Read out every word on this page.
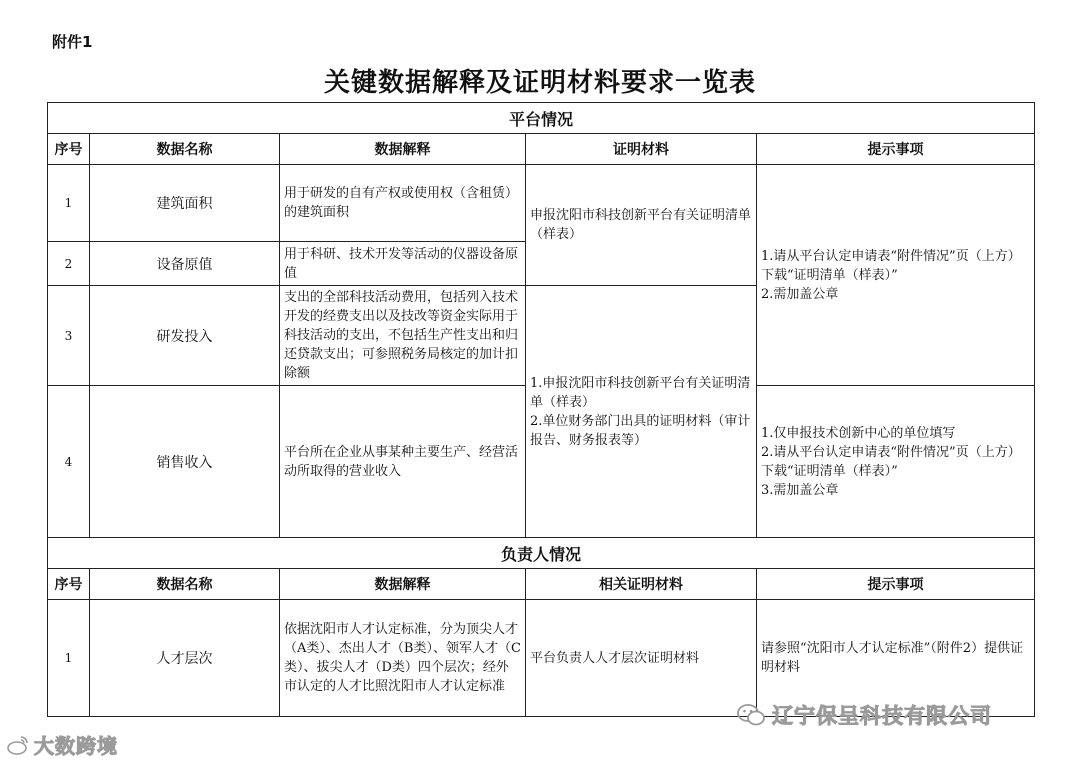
附件1
关键数据解释及证明材料要求一览表
平台情况				
序号	数据名称	数据解释	证明材料	提示事项
1	建筑面积	用于研发的自有产权或使用权（含租赁）的建筑面积	申报沈阳市科技创新平台有关证明清单（样表）	1.请从平台认定申请表“附件情况”页（上方）下载“证明清单（样表）”
2.需加盖公章

2	设备原值	用于科研、技术开发等活动的仪器设备原值		
3	研发投入	支出的全部科技活动费用，包括列入技术开发的经费支出以及技改等资金实际用于科技活动的支出，不包括生产性支出和归还贷款支出；可参照税务局核定的加计扣除额	1.申报沈阳市科技创新平台有关证明清单（样表）
2.单位财务部门出具的证明材料（审计报告、财务报表等）	

4	销售收入	平台所在企业从事某种主要生产、经营活动所取得的营业收入		1.仅申报技术创新中心的单位填写
2.请从平台认定申请表“附件情况”页（上方）下载“证明清单（样表）”
3.需加盖公章

负责人情况				
序号	数据名称	数据解释	相关证明材料	提示事项
1	人才层次	依据沈阳市人才认定标准，分为顶尖人才（A类）、杰出人才（B类）、领军人才（C类）、拔尖人才（D类）四个层次；经外市认定的人才比照沈阳市人才认定标准	平台负责人人才层次证明材料	请参照“沈阳市人才认定标准”（附件2）提供证明材料
大数跨境
辽宁保呈科技有限公司
